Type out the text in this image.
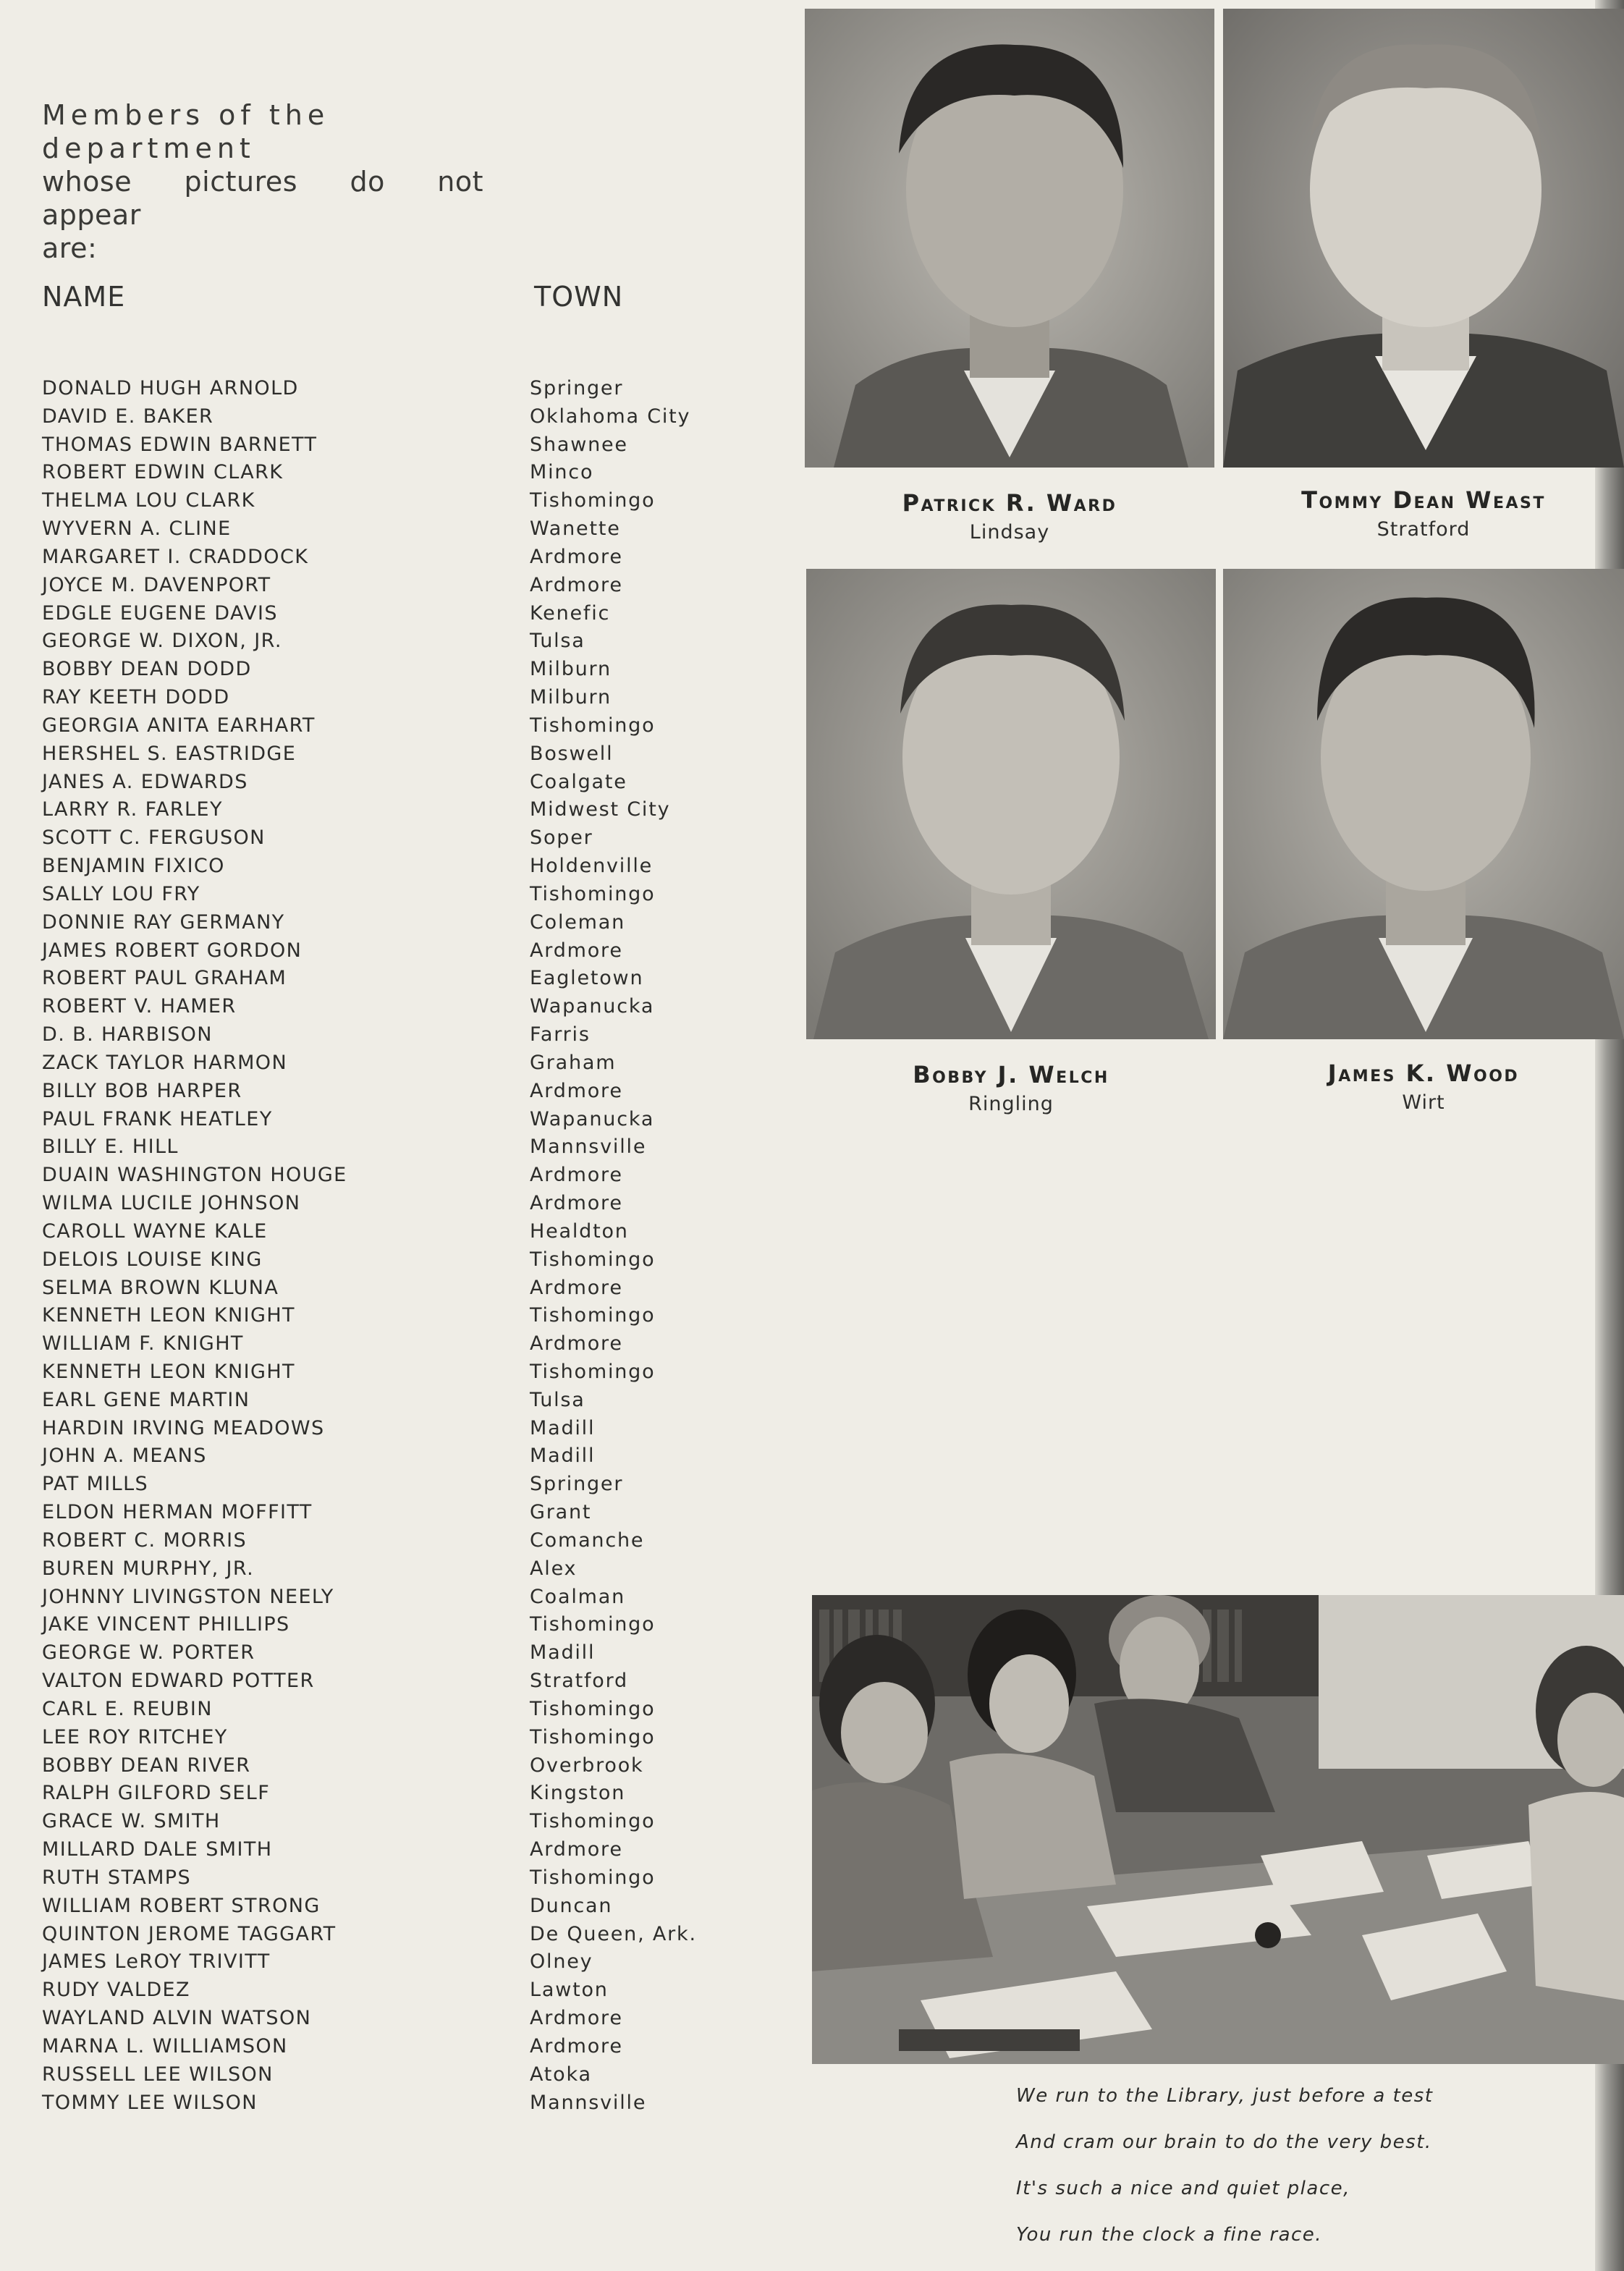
Members of the department
whose pictures do not appear
are:
NAME	TOWN
DONALD HUGH ARNOLD	Springer
DAVID E. BAKER	Oklahoma City
THOMAS EDWIN BARNETT	Shawnee
ROBERT EDWIN CLARK	Minco
THELMA LOU CLARK	Tishomingo
WYVERN A. CLINE	Wanette
MARGARET I. CRADDOCK	Ardmore
JOYCE M. DAVENPORT	Ardmore
EDGLE EUGENE DAVIS	Kenefic
GEORGE W. DIXON, JR.	Tulsa
BOBBY DEAN DODD	Milburn
RAY KEETH DODD	Milburn
GEORGIA ANITA EARHART	Tishomingo
HERSHEL S. EASTRIDGE	Boswell
JANES A. EDWARDS	Coalgate
LARRY R. FARLEY	Midwest City
SCOTT C. FERGUSON	Soper
BENJAMIN FIXICO	Holdenville
SALLY LOU FRY	Tishomingo
DONNIE RAY GERMANY	Coleman
JAMES ROBERT GORDON	Ardmore
ROBERT PAUL GRAHAM	Eagletown
ROBERT V. HAMER	Wapanucka
D. B. HARBISON	Farris
ZACK TAYLOR HARMON	Graham
BILLY BOB HARPER	Ardmore
PAUL FRANK HEATLEY	Wapanucka
BILLY E. HILL	Mannsville
DUAIN WASHINGTON HOUGE	Ardmore
WILMA LUCILE JOHNSON	Ardmore
CAROLL WAYNE KALE	Healdton
DELOIS LOUISE KING	Tishomingo
SELMA BROWN KLUNA	Ardmore
KENNETH LEON KNIGHT	Tishomingo
WILLIAM F. KNIGHT	Ardmore
KENNETH LEON KNIGHT	Tishomingo
EARL GENE MARTIN	Tulsa
HARDIN IRVING MEADOWS	Madill
JOHN A. MEANS	Madill
PAT MILLS	Springer
ELDON HERMAN MOFFITT	Grant
ROBERT C. MORRIS	Comanche
BUREN MURPHY, JR.	Alex
JOHNNY LIVINGSTON NEELY	Coalman
JAKE VINCENT PHILLIPS	Tishomingo
GEORGE W. PORTER	Madill
VALTON EDWARD POTTER	Stratford
CARL E. REUBIN	Tishomingo
LEE ROY RITCHEY	Tishomingo
BOBBY DEAN RIVER	Overbrook
RALPH GILFORD SELF	Kingston
GRACE W. SMITH	Tishomingo
MILLARD DALE SMITH	Ardmore
RUTH STAMPS	Tishomingo
WILLIAM ROBERT STRONG	Duncan
QUINTON JEROME TAGGART	De Queen, Ark.
JAMES LeROY TRIVITT	Olney
RUDY VALDEZ	Lawton
WAYLAND ALVIN WATSON	Ardmore
MARNA L. WILLIAMSON	Ardmore
RUSSELL LEE WILSON	Atoka
TOMMY LEE WILSON	Mannsville
Patrick R. Ward
Lindsay
Tommy Dean Weast
Stratford
Bobby J. Welch
Ringling
James K. Wood
Wirt
We run to the Library, just before a test
And cram our brain to do the very best.
It's such a nice and quiet place,
You run the clock a fine race.
